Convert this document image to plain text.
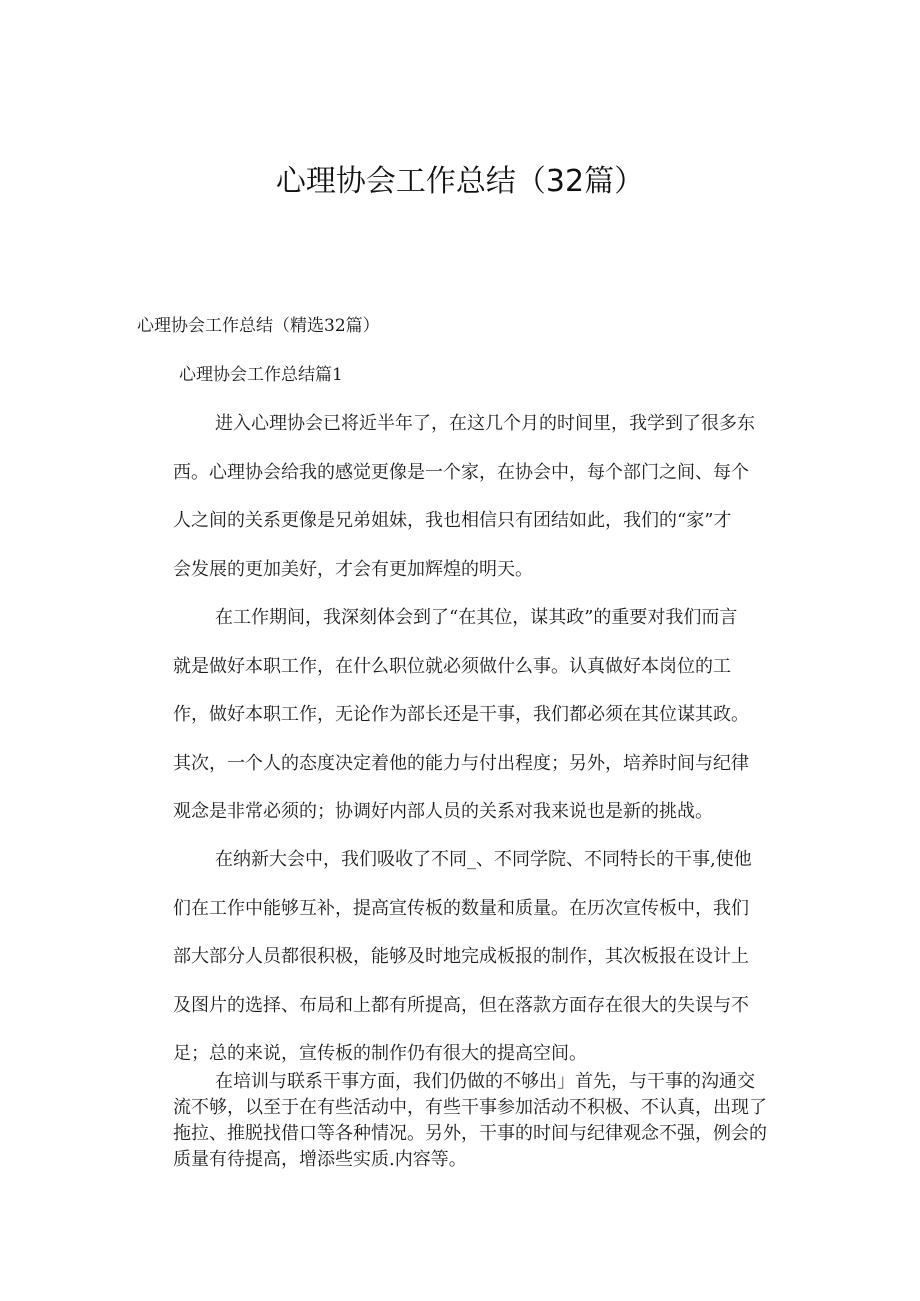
心理协会工作总结（32篇）

心理协会工作总结（精选32篇）

心理协会工作总结篇1

进入心理协会已将近半年了，在这几个月的时间里，我学到了很多东
西。心理协会给我的感觉更像是一个家，在协会中，每个部门之间、每个
人之间的关系更像是兄弟姐妹，我也相信只有团结如此，我们的“家”才
会发展的更加美好，才会有更加辉煌的明天。
在工作期间，我深刻体会到了“在其位，谋其政”的重要对我们而言
就是做好本职工作，在什么职位就必须做什么事。认真做好本岗位的工
作，做好本职工作，无论作为部长还是干事，我们都必须在其位谋其政。
其次，一个人的态度决定着他的能力与付出程度；另外，培养时间与纪律
观念是非常必须的；协调好内部人员的关系对我来说也是新的挑战。
在纳新大会中，我们吸收了不同_、不同学院、不同特长的干事,使他
们在工作中能够互补，提高宣传板的数量和质量。在历次宣传板中，我们
部大部分人员都很积极，能够及时地完成板报的制作，其次板报在设计上
及图片的选择、布局和上都有所提高，但在落款方面存在很大的失误与不
足；总的来说，宣传板的制作仍有很大的提高空间。
在培训与联系干事方面，我们仍做的不够出」首先，与干事的沟通交
流不够，以至于在有些活动中，有些干事参加活动不积极、不认真，出现了
拖拉、推脱找借口等各种情况。另外，干事的时间与纪律观念不强，例会的
质量有待提高，增添些实质.内容等。
